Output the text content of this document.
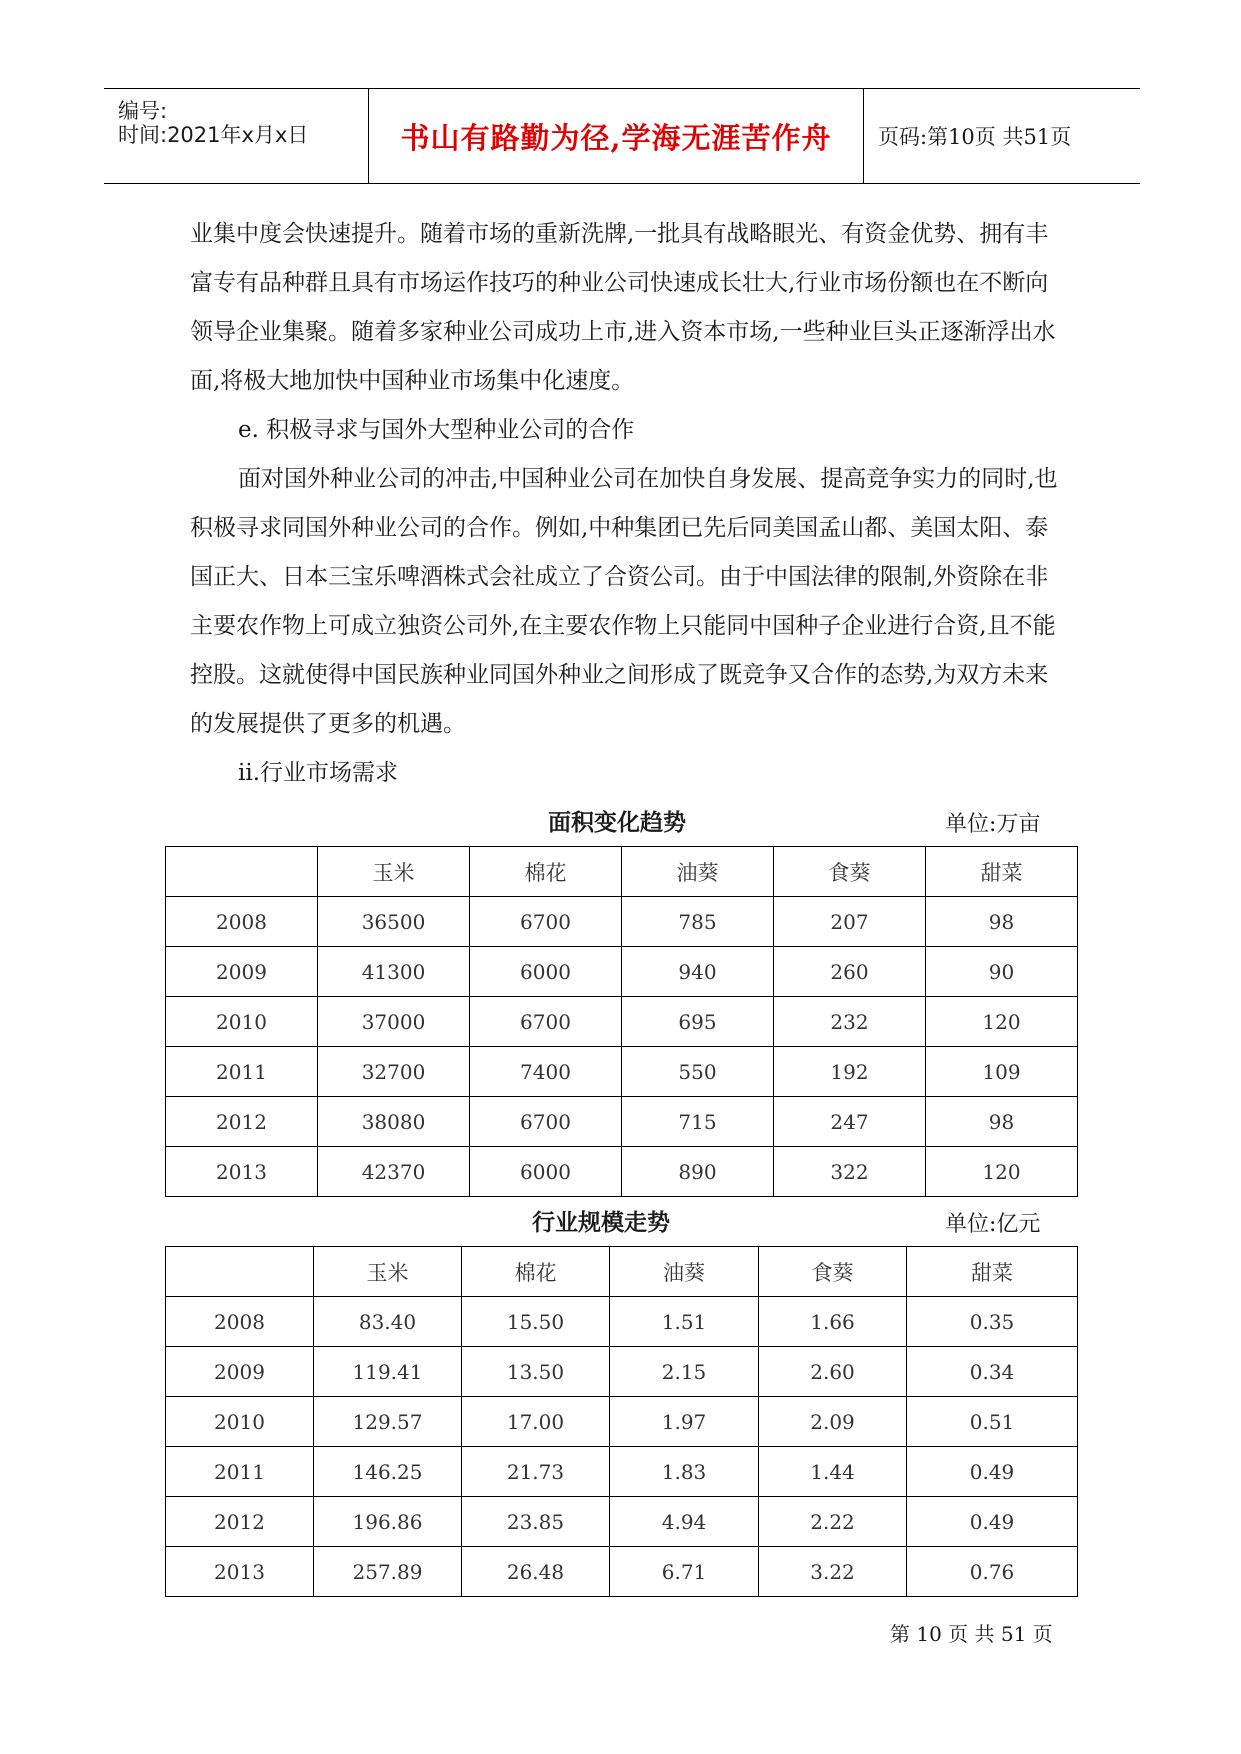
编号:
时间:2021年x月x日	书山有路勤为径,学海无涯苦作舟 页码:第10页 共51页

业集中度会快速提升。随着市场的重新洗牌,一批具有战略眼光、有资金优势、拥有丰富专有品种群且具有市场运作技巧的种业公司快速成长壮大,行业市场份额也在不断向领导企业集聚。随着多家种业公司成功上市,进入资本市场,一些种业巨头正逐渐浮出水面,将极大地加快中国种业市场集中化速度。

e. 积极寻求与国外大型种业公司的合作

面对国外种业公司的冲击,中国种业公司在加快自身发展、提高竞争实力的同时,也积极寻求同国外种业公司的合作。例如,中种集团已先后同美国孟山都、美国太阳、泰国正大、日本三宝乐啤酒株式会社成立了合资公司。由于中国法律的限制,外资除在非主要农作物上可成立独资公司外,在主要农作物上只能同中国种子企业进行合资,且不能控股。这就使得中国民族种业同国外种业之间形成了既竞争又合作的态势,为双方未来的发展提供了更多的机遇。

ii.行业市场需求

面积变化趋势	单位:万亩
	玉米	棉花	油葵	食葵	甜菜
2008	36500	6700	785	207	98
2009	41300	6000	940	260	90
2010	37000	6700	695	232	120
2011	32700	7400	550	192	109
2012	38080	6700	715	247	98
2013	42370	6000	890	322	120
行业规模走势	单位:亿元
	玉米	棉花	油葵	食葵	甜菜
2008	83.40	15.50	1.51	1.66	0.35
2009	119.41	13.50	2.15	2.60	0.34
2010	129.57	17.00	1.97	2.09	0.51
2011	146.25	21.73	1.83	1.44	0.49
2012	196.86	23.85	4.94	2.22	0.49
2013	257.89	26.48	6.71	3.22	0.76
第 10 页 共 51 页
